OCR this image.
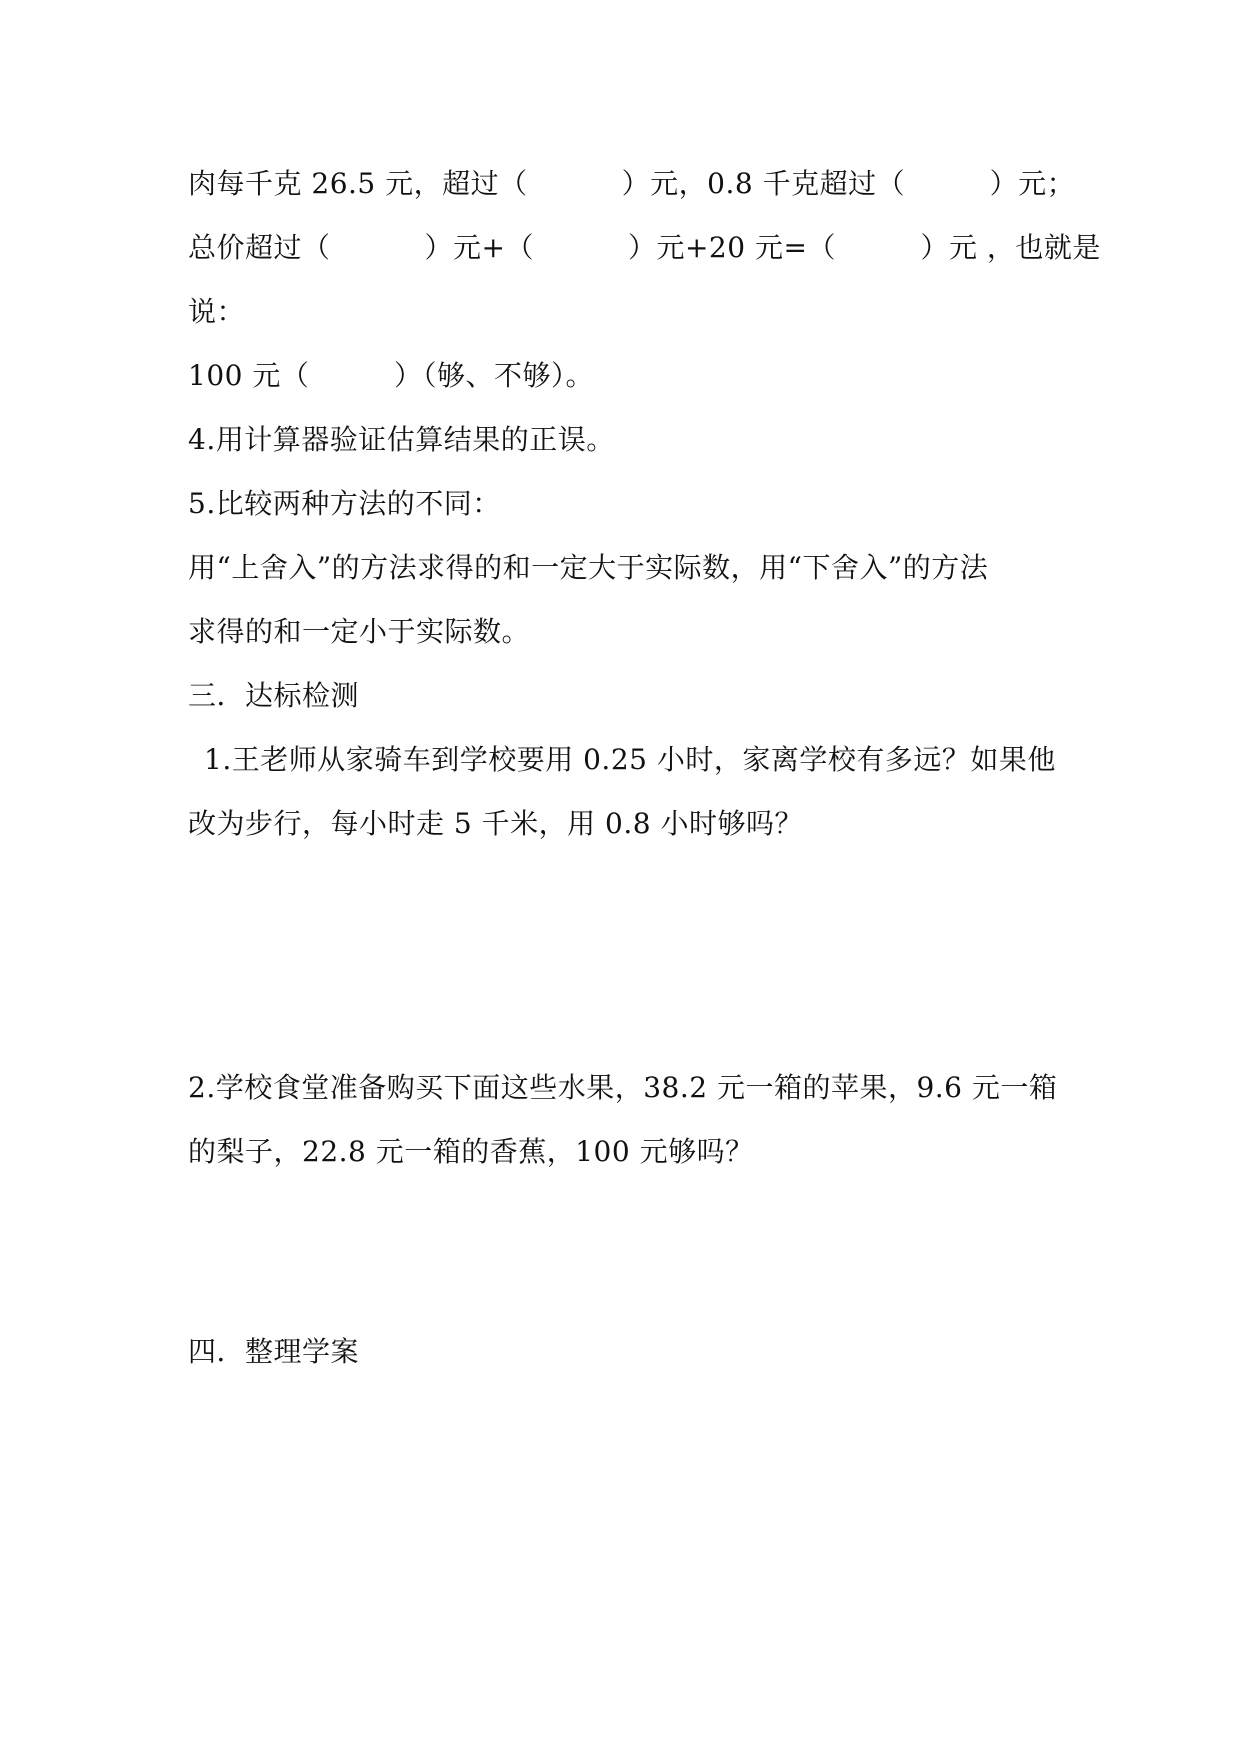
肉每千克 26.5 元，超过（          ）元，0.8 千克超过（         ）元；
总价超过（          ）元+（          ）元+20 元=（         ）元 ，也就是
说：
100 元（         ）（够、不够）。
4.用计算器验证估算结果的正误。
5.比较两种方法的不同：
用“上舍入”的方法求得的和一定大于实际数，用“下舍入”的方法
求得的和一定小于实际数。
三．达标检测
1.王老师从家骑车到学校要用 0.25 小时，家离学校有多远？如果他
改为步行，每小时走 5 千米，用 0.8 小时够吗？
2.学校食堂准备购买下面这些水果，38.2 元一箱的苹果，9.6 元一箱
的梨子，22.8 元一箱的香蕉，100 元够吗？
四．整理学案
